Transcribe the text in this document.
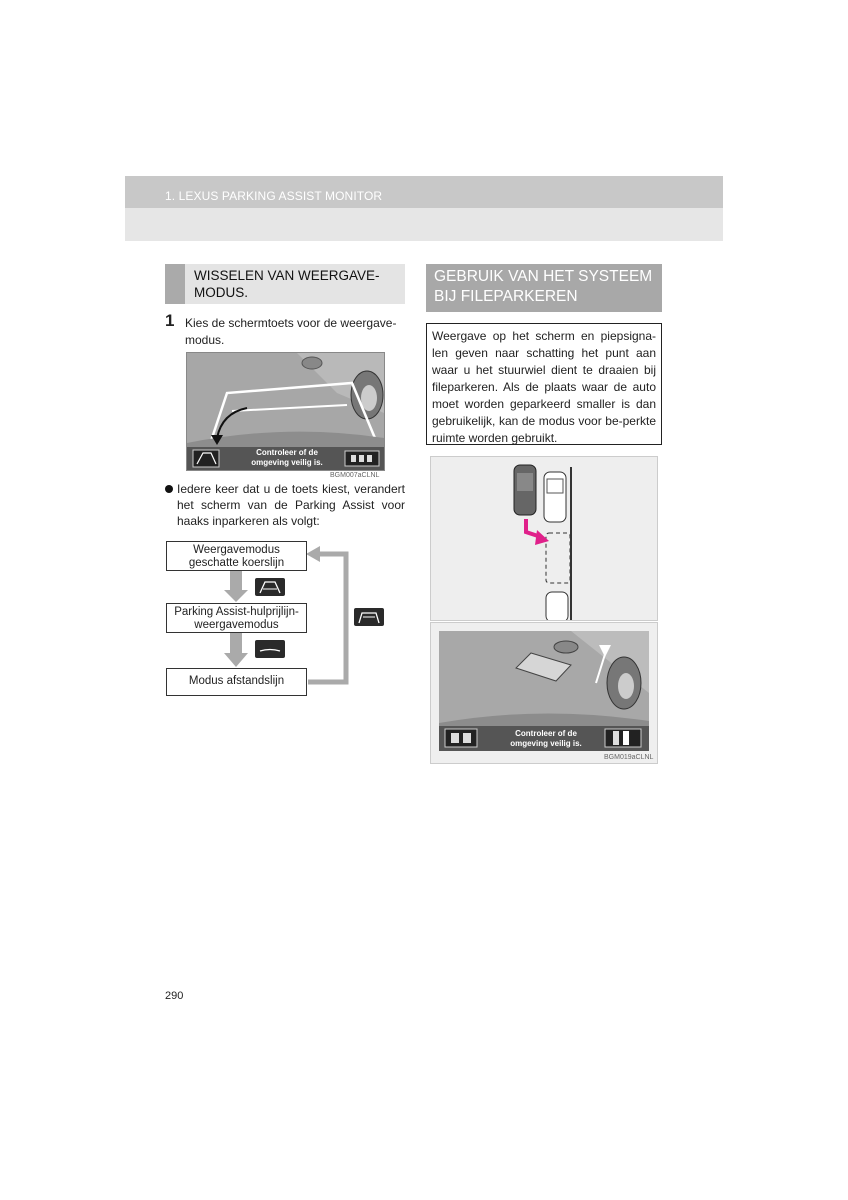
1. LEXUS PARKING ASSIST MONITOR
WISSELEN VAN WEERGAVE-
MODUS.
1 Kies de schermtoets voor de weergave-modus.
Controleer of de
omgeving veilig is.
BGM007aCLNL
Iedere keer dat u de toets kiest, verandert het scherm van de Parking Assist voor haaks inparkeren als volgt:
Weergavemodus
geschatte koerslijn
Parking Assist-hulprijlijn-
weergavemodus
Modus afstandslijn
GEBRUIK VAN HET SYSTEEM
BIJ FILEPARKEREN
Weergave op het scherm en piepsigna-len geven naar schatting het punt aan waar u het stuurwiel dient te draaien bij fileparkeren. Als de plaats waar de auto moet worden geparkeerd smaller is dan gebruikelijk, kan de modus voor be-perkte ruimte worden gebruikt.
Controleer of de
omgeving veilig is.
BGM019aCLNL
290
